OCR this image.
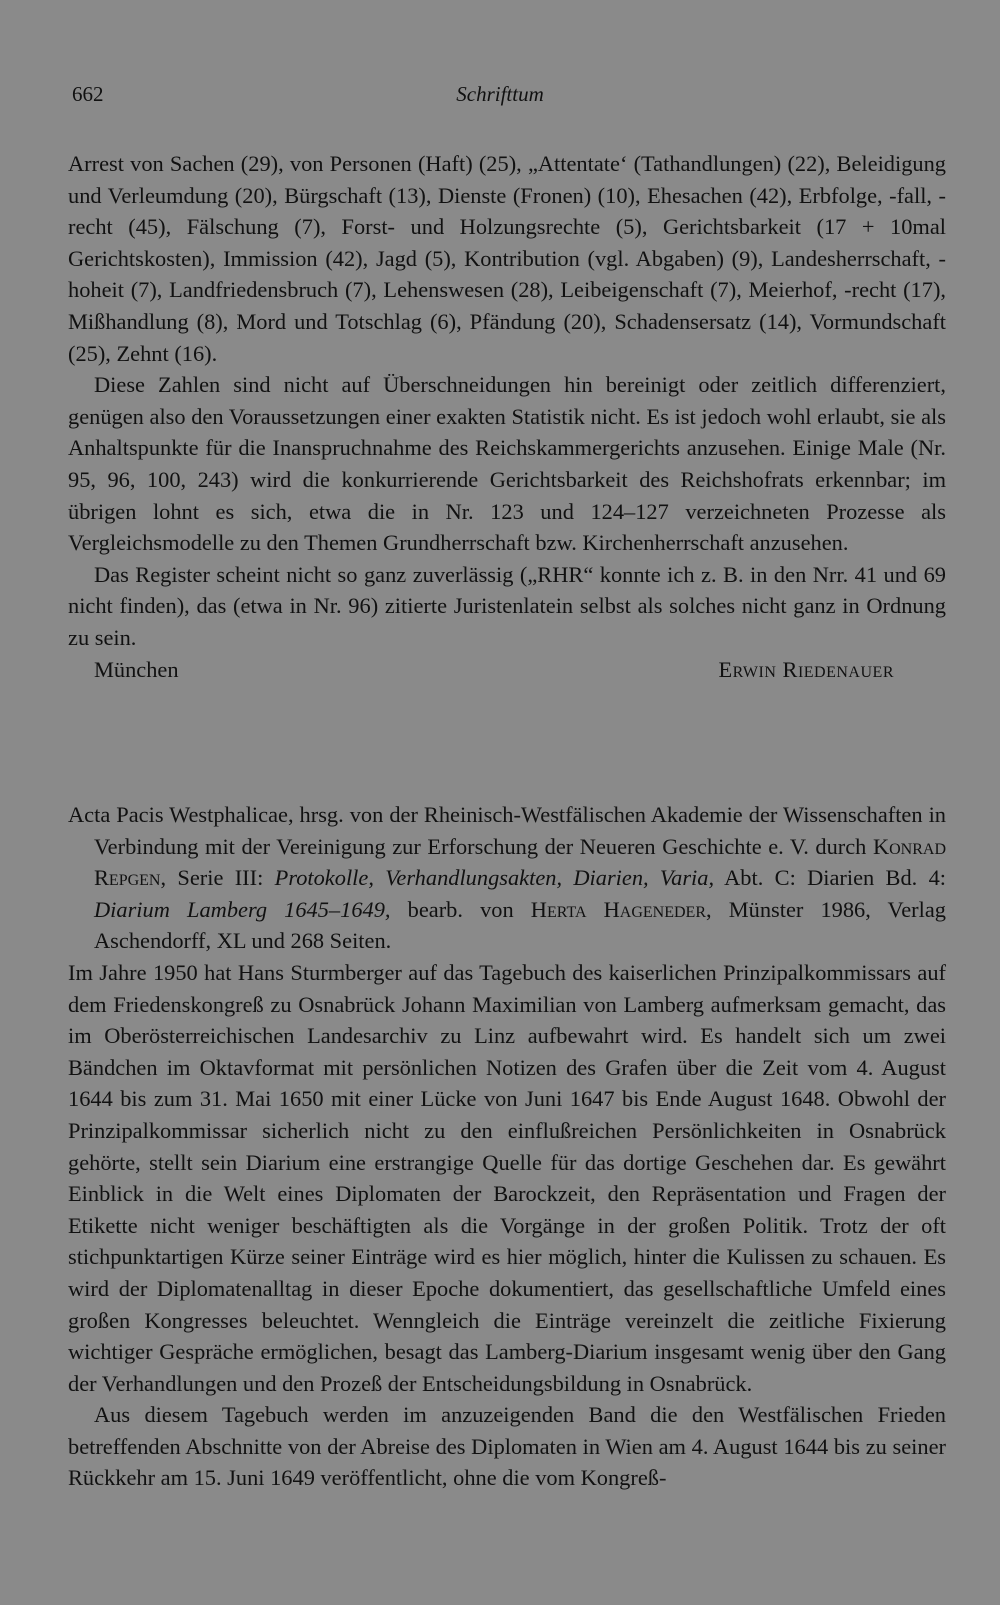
662	Schrifttum

Arrest von Sachen (29), von Personen (Haft) (25), „Attentate‘ (Tathandlungen) (22), Beleidigung und Verleumdung (20), Bürgschaft (13), Dienste (Fronen) (10), Ehesachen (42), Erbfolge, -fall, -recht (45), Fälschung (7), Forst- und Holzungsrechte (5), Gerichtsbarkeit (17 + 10mal Gerichtskosten), Immission (42), Jagd (5), Kontribution (vgl. Abgaben) (9), Landesherrschaft, -hoheit (7), Landfriedensbruch (7), Lehenswesen (28), Leibeigenschaft (7), Meierhof, -recht (17), Mißhandlung (8), Mord und Totschlag (6), Pfändung (20), Schadensersatz (14), Vormundschaft (25), Zehnt (16).

Diese Zahlen sind nicht auf Überschneidungen hin bereinigt oder zeitlich differenziert, genügen also den Voraussetzungen einer exakten Statistik nicht. Es ist jedoch wohl erlaubt, sie als Anhaltspunkte für die Inanspruchnahme des Reichskammergerichts anzusehen. Einige Male (Nr. 95, 96, 100, 243) wird die konkurrierende Gerichtsbarkeit des Reichshofrats erkennbar; im übrigen lohnt es sich, etwa die in Nr. 123 und 124–127 verzeichneten Prozesse als Vergleichsmodelle zu den Themen Grundherrschaft bzw. Kirchenherrschaft anzusehen.

Das Register scheint nicht so ganz zuverlässig („RHR“ konnte ich z. B. in den Nrr. 41 und 69 nicht finden), das (etwa in Nr. 96) zitierte Juristenlatein selbst als solches nicht ganz in Ordnung zu sein.

München	Erwin Riedenauer

Acta Pacis Westphalicae, hrsg. von der Rheinisch-Westfälischen Akademie der Wissenschaften in Verbindung mit der Vereinigung zur Erforschung der Neueren Geschichte e. V. durch Konrad Repgen, Serie III: Protokolle, Verhandlungsakten, Diarien, Varia, Abt. C: Diarien Bd. 4: Diarium Lamberg 1645–1649, bearb. von Herta Hageneder, Münster 1986, Verlag Aschendorff, XL und 268 Seiten.

Im Jahre 1950 hat Hans Sturmberger auf das Tagebuch des kaiserlichen Prinzipalkommissars auf dem Friedenskongreß zu Osnabrück Johann Maximilian von Lamberg aufmerksam gemacht, das im Oberösterreichischen Landesarchiv zu Linz aufbewahrt wird. Es handelt sich um zwei Bändchen im Oktavformat mit persönlichen Notizen des Grafen über die Zeit vom 4. August 1644 bis zum 31. Mai 1650 mit einer Lücke von Juni 1647 bis Ende August 1648. Obwohl der Prinzipalkommissar sicherlich nicht zu den einflußreichen Persönlichkeiten in Osnabrück gehörte, stellt sein Diarium eine erstrangige Quelle für das dortige Geschehen dar. Es gewährt Einblick in die Welt eines Diplomaten der Barockzeit, den Repräsentation und Fragen der Etikette nicht weniger beschäftigten als die Vorgänge in der großen Politik. Trotz der oft stichpunktartigen Kürze seiner Einträge wird es hier möglich, hinter die Kulissen zu schauen. Es wird der Diplomatenalltag in dieser Epoche dokumentiert, das gesellschaftliche Umfeld eines großen Kongresses beleuchtet. Wenngleich die Einträge vereinzelt die zeitliche Fixierung wichtiger Gespräche ermöglichen, besagt das Lamberg-Diarium insgesamt wenig über den Gang der Verhandlungen und den Prozeß der Entscheidungsbildung in Osnabrück.

Aus diesem Tagebuch werden im anzuzeigenden Band die den Westfälischen Frieden betreffenden Abschnitte von der Abreise des Diplomaten in Wien am 4. August 1644 bis zu seiner Rückkehr am 15. Juni 1649 veröffentlicht, ohne die vom Kongreß-
